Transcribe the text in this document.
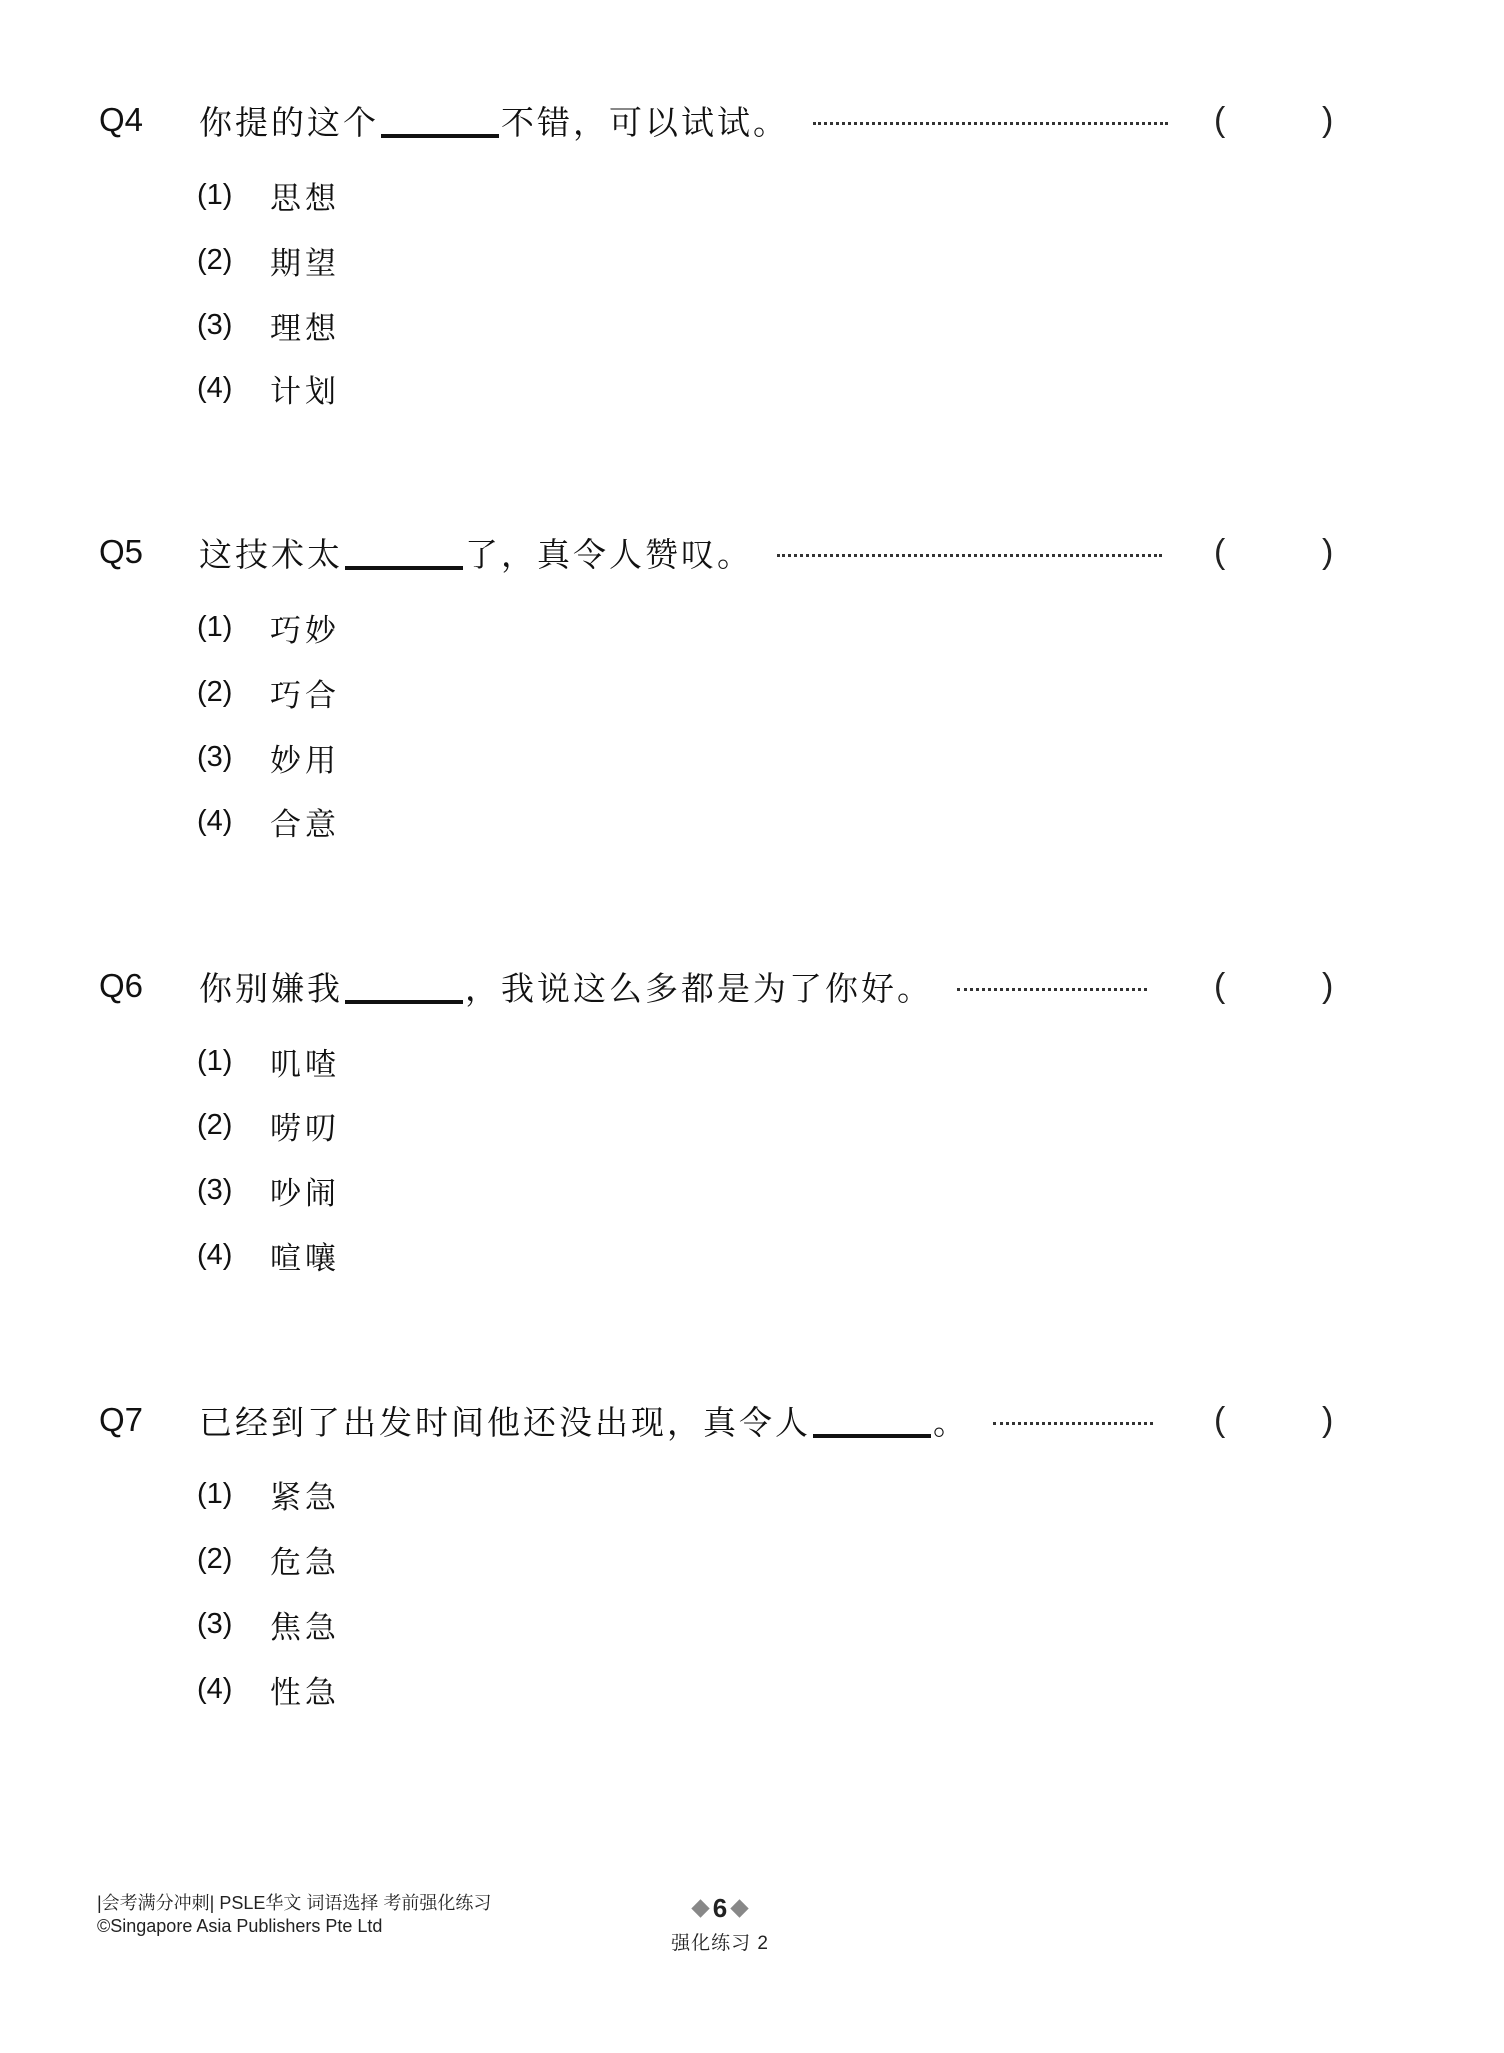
Q4 你提的这个	不错，可以试试。	(	)
(1)	思想
(2)	期望
(3)	理想
(4)	计划
Q5 这技术太	了，真令人赞叹。	(	)
(1)	巧妙
(2)	巧合
(3)	妙用
(4)	合意
Q6 你别嫌我	，我说这么多都是为了你好。	(	)
(1)	叽喳
(2)	唠叨
(3)	吵闹
(4)	喧嚷
Q7 已经到了出发时间他还没出现，真令人	。	(	)
(1)	紧急
(2)	危急
(3)	焦急
(4)	性急
|会考满分冲刺| PSLE华文 词语选择 考前强化练习
©Singapore Asia Publishers Pte Ltd
6
强化练习 2
